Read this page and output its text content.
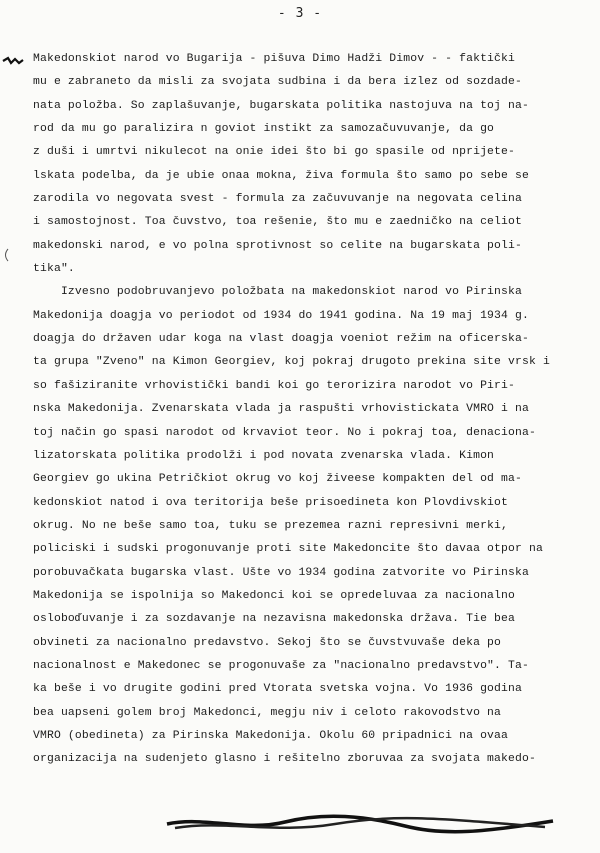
- 3 -
Makedonskiot narod vo Bugarija - pišuva Dimo Hadži Dimov - - faktički
mu e zabraneto da misli za svojata sudbina i da bera izlez od sozdade-
nata položba. So zaplašuvanje, bugarskata politika nastojuva na toj na-
rod da mu go paralizira n goviot instikt za samozačuvuvanje, da go
z duši i umrtvi nikulecot na onie idei što bi go spasile od nprijete-
lskata podelba, da je ubie onaa mokna, živa formula što samo po sebe se
zarodila vo negovata svest - formula za začuvuvanje na negovata celina
i samostojnost. Toa čuvstvo, toa rešenie, što mu e zaedničko na celiot
makedonski narod, e vo polna sprotivnost so celite na bugarskata poli-
tika".
Izvesno podobruvanjevo položbata na makedonskiot narod vo Pirinska
Makedonija doagja vo periodot od 1934 do 1941 godina. Na 19 maj 1934 g.
doagja do državen udar koga na vlast doagja voeniot režim na oficerska-
ta grupa "Zveno" na Kimon Georgiev, koj pokraj drugoto prekina site vrsk i
so fašiziranite vrhovistički bandi koi go terorizira narodot vo Piri-
nska Makedonija. Zvenarskata vlada ja raspušti vrhovistickata VMRO i na
toj način go spasi narodot od krvaviot teor. No i pokraj toa, denaciona-
lizatorskata politika prodolži i pod novata zvenarska vlada. Kimon
Georgiev go ukina Petričkiot okrug vo koj živeese kompakten del od ma-
kedonskiot natod i ova teritorija beše prisoedineta kon Plovdivskiot
okrug. No ne beše samo toa, tuku se prezemea razni represivni merki,
policiski i sudski progonuvanje proti site Makedoncite što davaa otpor na
porobuvačkata bugarska vlast. Ušte vo 1934 godina zatvorite vo Pirinska
Makedonija se ispolnija so Makedonci koi se opredeluvaa za nacionalno
osloboďuvanje i za sozdavanje na nezavisna makedonska država. Tie bea
obvineti za nacionalno predavstvo. Sekoj što se čuvstvuvaše deka po
nacionalnost e Makedonec se progonuvaše za "nacionalno predavstvo". Ta-
ka beše i vo drugite godini pred Vtorata svetska vojna. Vo 1936 godina
bea uapseni golem broj Makedonci, megju niv i celoto rakovodstvo na
VMRO (obedineta) za Pirinska Makedonija. Okolu 60 pripadnici na ovaa
organizacija na sudenjeto glasno i rešitelno zboruvaa za svojata makedo-
